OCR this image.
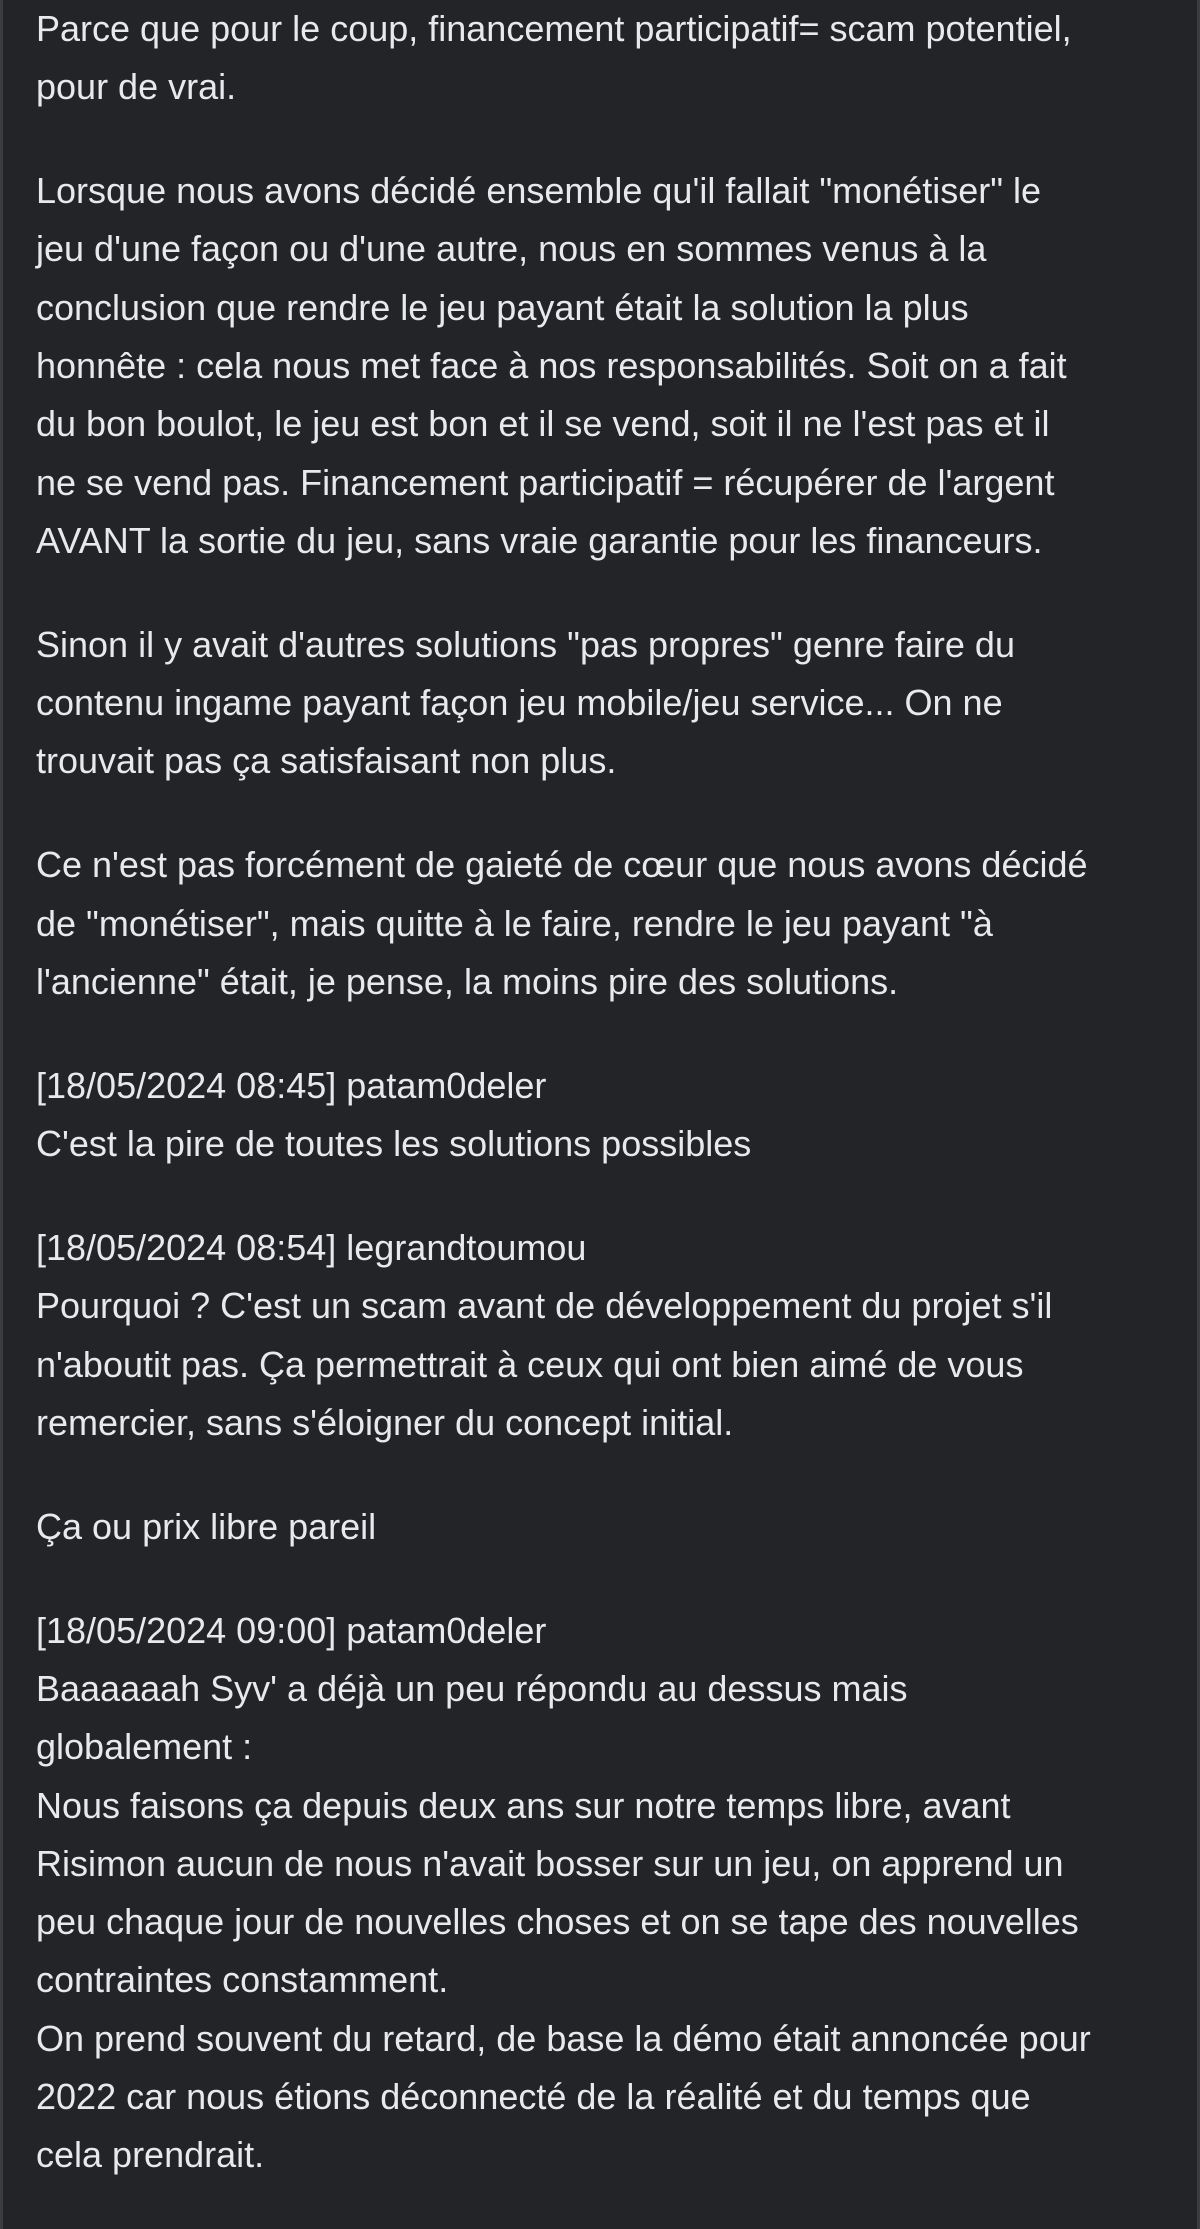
Parce que pour le coup, financement participatif= scam potentiel,
pour de vrai.
Lorsque nous avons décidé ensemble qu'il fallait "monétiser" le
jeu d'une façon ou d'une autre, nous en sommes venus à la
conclusion que rendre le jeu payant était la solution la plus
honnête : cela nous met face à nos responsabilités. Soit on a fait
du bon boulot, le jeu est bon et il se vend, soit il ne l'est pas et il
ne se vend pas. Financement participatif = récupérer de l'argent
AVANT la sortie du jeu, sans vraie garantie pour les financeurs.
Sinon il y avait d'autres solutions "pas propres" genre faire du
contenu ingame payant façon jeu mobile/jeu service... On ne
trouvait pas ça satisfaisant non plus.
Ce n'est pas forcément de gaieté de cœur que nous avons décidé
de "monétiser", mais quitte à le faire, rendre le jeu payant "à
l'ancienne" était, je pense, la moins pire des solutions.
[18/05/2024 08:45] patam0deler
C'est la pire de toutes les solutions possibles
[18/05/2024 08:54] legrandtoumou
Pourquoi ? C'est un scam avant de développement du projet s'il
n'aboutit pas. Ça permettrait à ceux qui ont bien aimé de vous
remercier, sans s'éloigner du concept initial.
Ça ou prix libre pareil
[18/05/2024 09:00] patam0deler
Baaaaaah Syv' a déjà un peu répondu au dessus mais
globalement :
Nous faisons ça depuis deux ans sur notre temps libre, avant
Risimon aucun de nous n'avait bosser sur un jeu, on apprend un
peu chaque jour de nouvelles choses et on se tape des nouvelles
contraintes constamment.
On prend souvent du retard, de base la démo était annoncée pour
2022 car nous étions déconnecté de la réalité et du temps que
cela prendrait.
